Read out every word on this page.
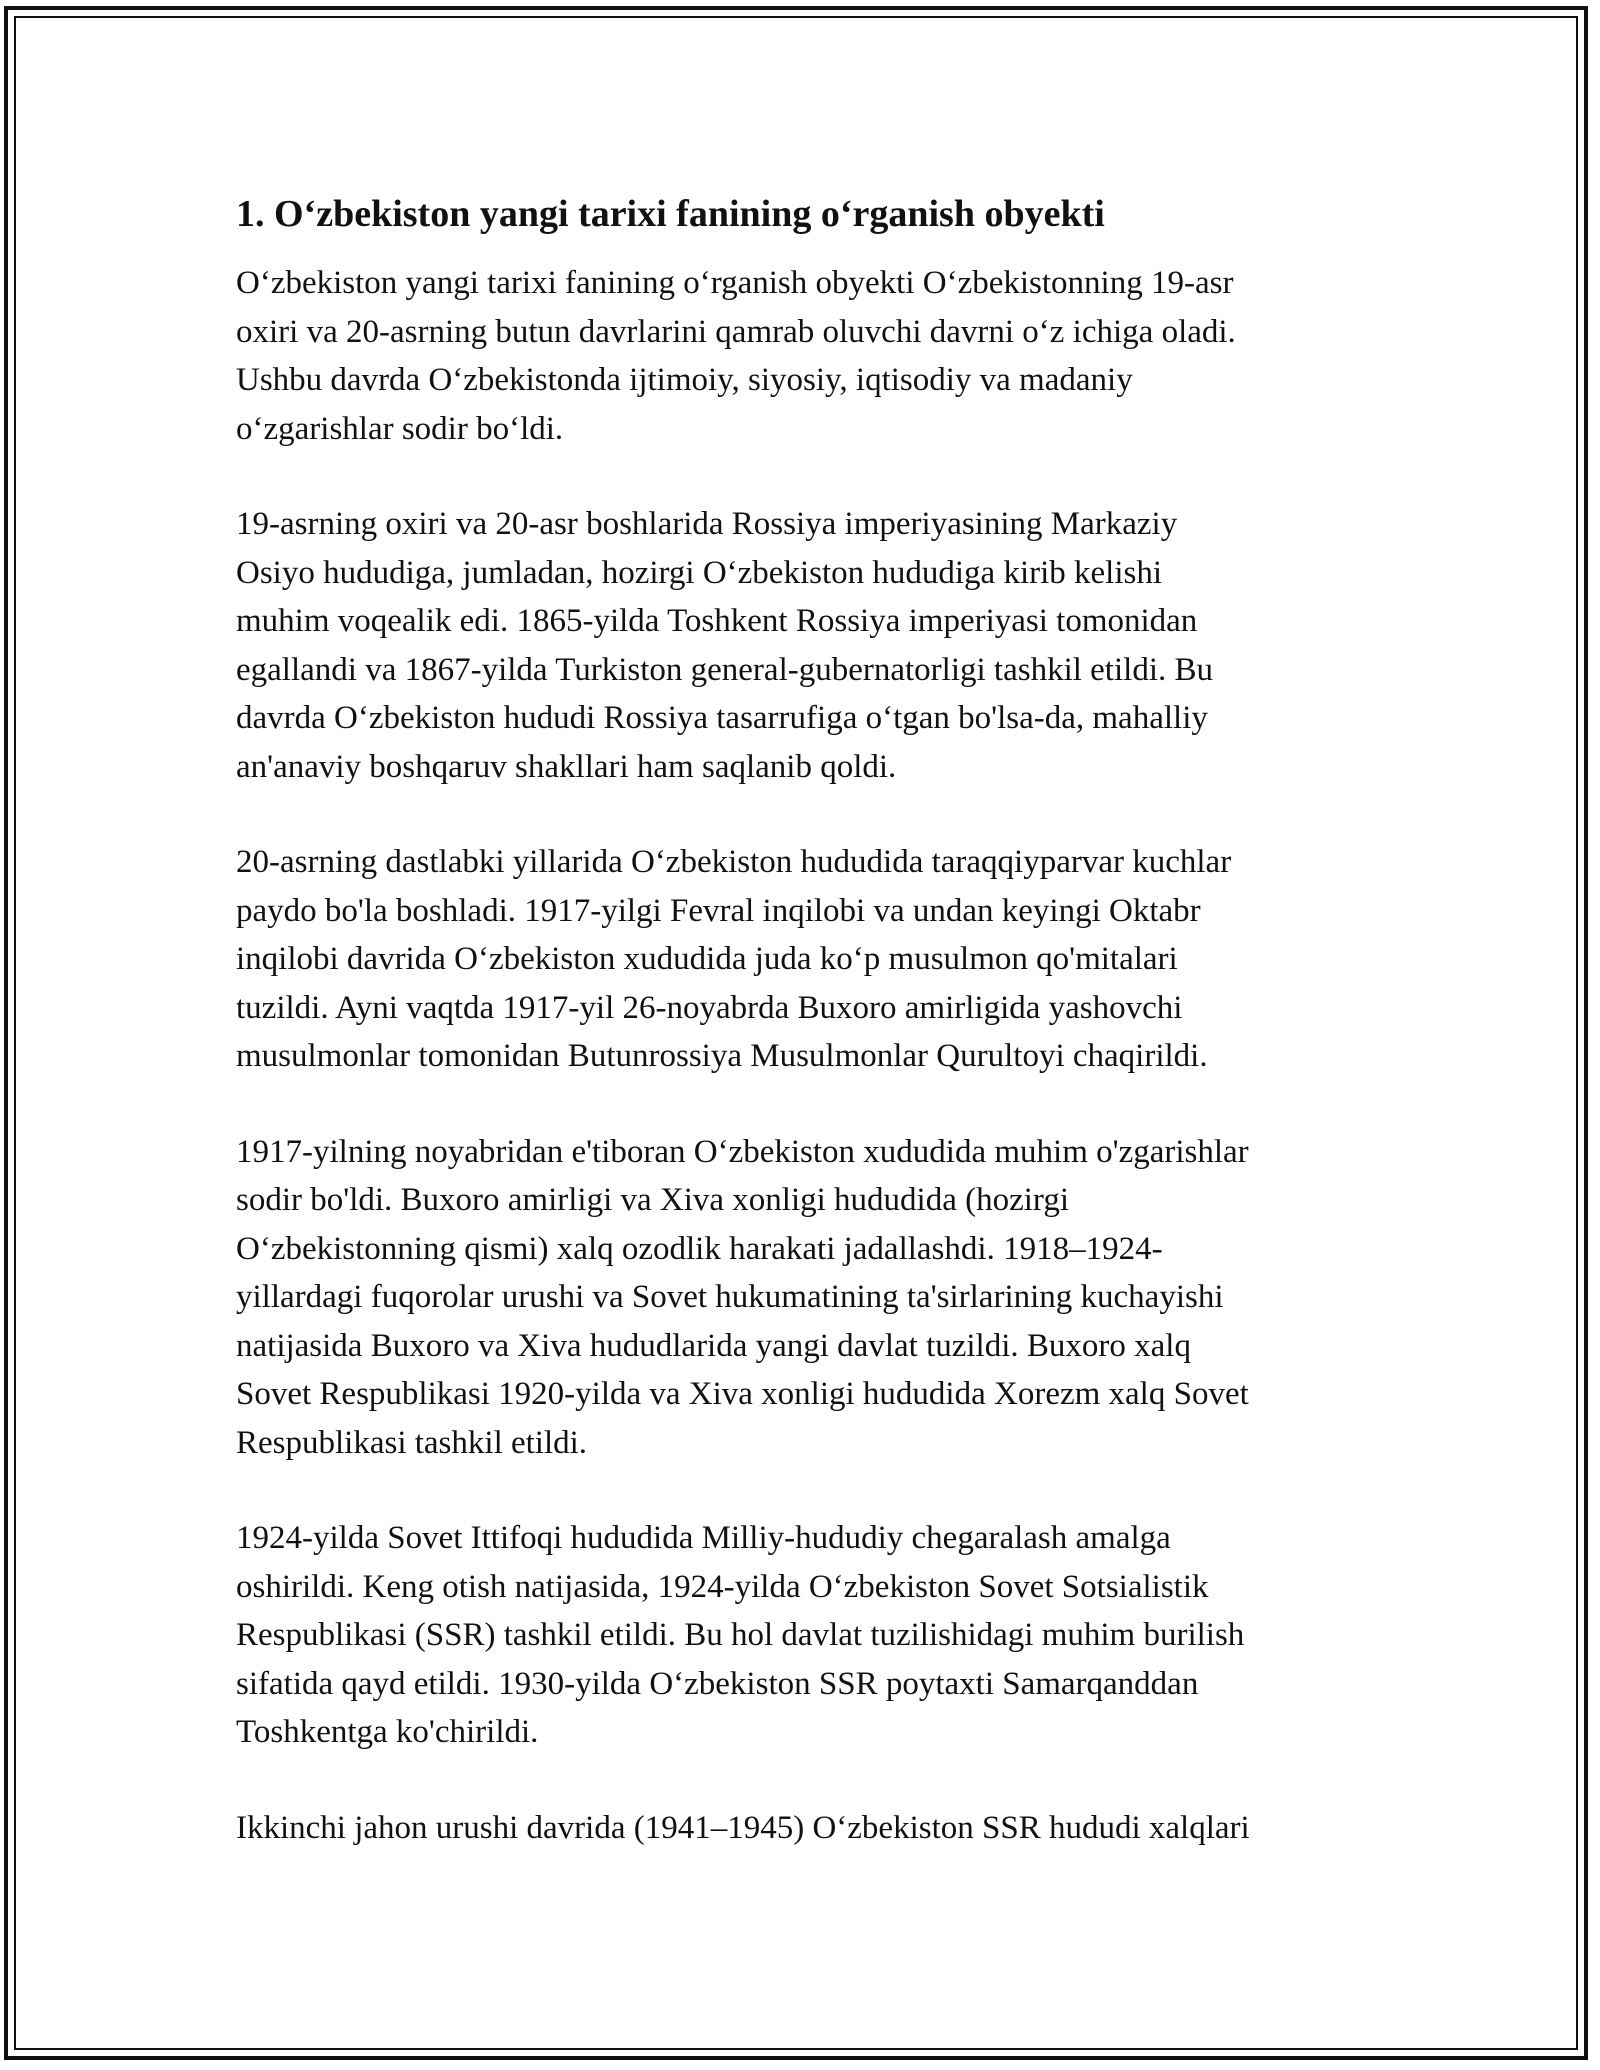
1. Oʻzbekiston yangi tarixi fanining oʻrganish obyekti

Oʻzbekiston yangi tarixi fanining oʻrganish obyekti Oʻzbekistonning 19-asr
oxiri va 20-asrning butun davrlarini qamrab oluvchi davrni oʻz ichiga oladi.
Ushbu davrda Oʻzbekistonda ijtimoiy, siyosiy, iqtisodiy va madaniy
oʻzgarishlar sodir boʻldi.

19-asrning oxiri va 20-asr boshlarida Rossiya imperiyasining Markaziy
Osiyo hududiga, jumladan, hozirgi Oʻzbekiston hududiga kirib kelishi
muhim voqealik edi. 1865-yilda Toshkent Rossiya imperiyasi tomonidan
egallandi va 1867-yilda Turkiston general-gubernatorligi tashkil etildi. Bu
davrda Oʻzbekiston hududi Rossiya tasarrufiga oʻtgan bo'lsa-da, mahalliy
an'anaviy boshqaruv shakllari ham saqlanib qoldi.

20-asrning dastlabki yillarida Oʻzbekiston hududida taraqqiyparvar kuchlar
paydo bo'la boshladi. 1917-yilgi Fevral inqilobi va undan keyingi Oktabr
inqilobi davrida Oʻzbekiston xududida juda koʻp musulmon qo'mitalari
tuzildi. Ayni vaqtda 1917-yil 26-noyabrda Buxoro amirligida yashovchi
musulmonlar tomonidan Butunrossiya Musulmonlar Qurultoyi chaqirildi.

1917-yilning noyabridan e'tiboran Oʻzbekiston xududida muhim o'zgarishlar
sodir bo'ldi. Buxoro amirligi va Xiva xonligi hududida (hozirgi
Oʻzbekistonning qismi) xalq ozodlik harakati jadallashdi. 1918–1924-
yillardagi fuqorolar urushi va Sovet hukumatining ta'sirlarining kuchayishi
natijasida Buxoro va Xiva hududlarida yangi davlat tuzildi. Buxoro xalq
Sovet Respublikasi 1920-yilda va Xiva xonligi hududida Xorezm xalq Sovet
Respublikasi tashkil etildi.

1924-yilda Sovet Ittifoqi hududida Milliy-hududiy chegaralash amalga
oshirildi. Keng otish natijasida, 1924-yilda Oʻzbekiston Sovet Sotsialistik
Respublikasi (SSR) tashkil etildi. Bu hol davlat tuzilishidagi muhim burilish
sifatida qayd etildi. 1930-yilda Oʻzbekiston SSR poytaxti Samarqanddan
Toshkentga ko'chirildi.

Ikkinchi jahon urushi davrida (1941–1945) Oʻzbekiston SSR hududi xalqlari
